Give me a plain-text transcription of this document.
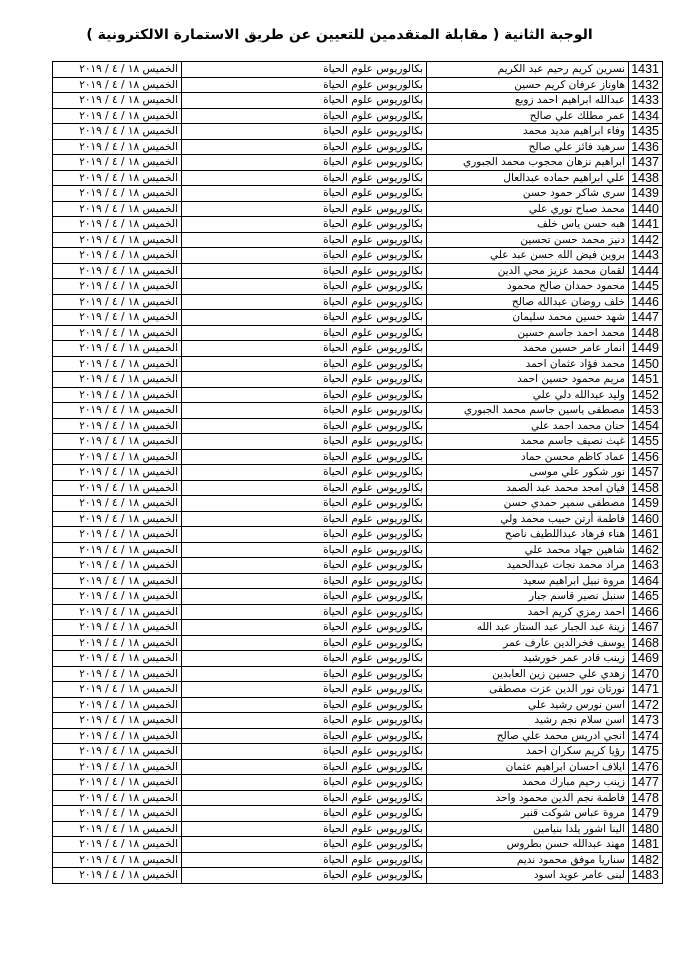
الوجبة الثانية ( مقابلة المتقدمين للتعيين عن طريق الاستمارة الالكترونية )
1431	نسرين كريم رحيم عبد الكريم	بكالوريوس علوم الحياة	الخميس ١٨ / ٤ / ٢٠١٩
1432	هاوناز عرفان كريم حسين	بكالوريوس علوم الحياة	الخميس ١٨ / ٤ / ٢٠١٩
1433	عبدالله ابراهيم احمد زوبع	بكالوريوس علوم الحياة	الخميس ١٨ / ٤ / ٢٠١٩
1434	عمر مطلك علي صالح	بكالوريوس علوم الحياة	الخميس ١٨ / ٤ / ٢٠١٩
1435	وفاء ابراهيم مديد محمد	بكالوريوس علوم الحياة	الخميس ١٨ / ٤ / ٢٠١٩
1436	سرهيد فائز علي صالح	بكالوريوس علوم الحياة	الخميس ١٨ / ٤ / ٢٠١٩
1437	ابراهيم نزهان محجوب محمد الجبوري	بكالوريوس علوم الحياة	الخميس ١٨ / ٤ / ٢٠١٩
1438	علي ابراهيم حماده عبدالعال	بكالوريوس علوم الحياة	الخميس ١٨ / ٤ / ٢٠١٩
1439	سرى شاكر حمود حسن	بكالوريوس علوم الحياة	الخميس ١٨ / ٤ / ٢٠١٩
1440	محمد صباح نوري علي	بكالوريوس علوم الحياة	الخميس ١٨ / ٤ / ٢٠١٩
1441	هبه حسن ياس خلف	بكالوريوس علوم الحياة	الخميس ١٨ / ٤ / ٢٠١٩
1442	دنيز محمد حسن تحسين	بكالوريوس علوم الحياة	الخميس ١٨ / ٤ / ٢٠١٩
1443	بروين فيض الله حسن عبد علي	بكالوريوس علوم الحياة	الخميس ١٨ / ٤ / ٢٠١٩
1444	لقمان محمد عزيز محي الدين	بكالوريوس علوم الحياة	الخميس ١٨ / ٤ / ٢٠١٩
1445	محمود حمدان صالح محمود	بكالوريوس علوم الحياة	الخميس ١٨ / ٤ / ٢٠١٩
1446	خلف روضان عبدالله صالح	بكالوريوس علوم الحياة	الخميس ١٨ / ٤ / ٢٠١٩
1447	شهد حسين محمد سليمان	بكالوريوس علوم الحياة	الخميس ١٨ / ٤ / ٢٠١٩
1448	محمد احمد جاسم حسين	بكالوريوس علوم الحياة	الخميس ١٨ / ٤ / ٢٠١٩
1449	انمار عامر حسين محمد	بكالوريوس علوم الحياة	الخميس ١٨ / ٤ / ٢٠١٩
1450	محمد فؤاد عثمان احمد	بكالوريوس علوم الحياة	الخميس ١٨ / ٤ / ٢٠١٩
1451	مريم محمود حسين احمد	بكالوريوس علوم الحياة	الخميس ١٨ / ٤ / ٢٠١٩
1452	وليد عبدالله دلي علي	بكالوريوس علوم الحياة	الخميس ١٨ / ٤ / ٢٠١٩
1453	مصطفى ياسين جاسم محمد الجبوري	بكالوريوس علوم الحياة	الخميس ١٨ / ٤ / ٢٠١٩
1454	حنان محمد احمد علي	بكالوريوس علوم الحياة	الخميس ١٨ / ٤ / ٢٠١٩
1455	غيث نصيف جاسم محمد	بكالوريوس علوم الحياة	الخميس ١٨ / ٤ / ٢٠١٩
1456	عماد كاظم محسن حماد	بكالوريوس علوم الحياة	الخميس ١٨ / ٤ / ٢٠١٩
1457	نور شكور علي موسى	بكالوريوس علوم الحياة	الخميس ١٨ / ٤ / ٢٠١٩
1458	فيان امجد محمد عبد الصمد	بكالوريوس علوم الحياة	الخميس ١٨ / ٤ / ٢٠١٩
1459	مصطفى سمير حمدي حسن	بكالوريوس علوم الحياة	الخميس ١٨ / ٤ / ٢٠١٩
1460	فاطمة أرتن حبيب محمد ولي	بكالوريوس علوم الحياة	الخميس ١٨ / ٤ / ٢٠١٩
1461	هناء فرهاد عبداللطيف ناصح	بكالوريوس علوم الحياة	الخميس ١٨ / ٤ / ٢٠١٩
1462	شاهين جهاد محمد علي	بكالوريوس علوم الحياة	الخميس ١٨ / ٤ / ٢٠١٩
1463	مراد محمد نجات عبدالحميد	بكالوريوس علوم الحياة	الخميس ١٨ / ٤ / ٢٠١٩
1464	مروة نبيل ابراهيم سعيد	بكالوريوس علوم الحياة	الخميس ١٨ / ٤ / ٢٠١٩
1465	سنبل نصير قاسم جبار	بكالوريوس علوم الحياة	الخميس ١٨ / ٤ / ٢٠١٩
1466	احمد رمزي كريم احمد	بكالوريوس علوم الحياة	الخميس ١٨ / ٤ / ٢٠١٩
1467	زينة عبد الجبار عبد الستار عبد الله	بكالوريوس علوم الحياة	الخميس ١٨ / ٤ / ٢٠١٩
1468	يوسف فخرالدين عارف عمر	بكالوريوس علوم الحياة	الخميس ١٨ / ٤ / ٢٠١٩
1469	زينب قادر عمر خورشيد	بكالوريوس علوم الحياة	الخميس ١٨ / ٤ / ٢٠١٩
1470	زهدي علي حسين زين العابدين	بكالوريوس علوم الحياة	الخميس ١٨ / ٤ / ٢٠١٩
1471	نورتان نور الدين عزت مصطفى	بكالوريوس علوم الحياة	الخميس ١٨ / ٤ / ٢٠١٩
1472	اسن نورس رشيد علي	بكالوريوس علوم الحياة	الخميس ١٨ / ٤ / ٢٠١٩
1473	اسن سلام نجم رشيد	بكالوريوس علوم الحياة	الخميس ١٨ / ٤ / ٢٠١٩
1474	انجي ادريس محمد علي صالح	بكالوريوس علوم الحياة	الخميس ١٨ / ٤ / ٢٠١٩
1475	رؤيا كريم سكران احمد	بكالوريوس علوم الحياة	الخميس ١٨ / ٤ / ٢٠١٩
1476	ايلاف احسان ابراهيم عثمان	بكالوريوس علوم الحياة	الخميس ١٨ / ٤ / ٢٠١٩
1477	زينب رحيم مبارك محمد	بكالوريوس علوم الحياة	الخميس ١٨ / ٤ / ٢٠١٩
1478	فاطمة نجم الدين محمود واحد	بكالوريوس علوم الحياة	الخميس ١٨ / ٤ / ٢٠١٩
1479	مروة عباس شوكت قنبر	بكالوريوس علوم الحياة	الخميس ١٨ / ٤ / ٢٠١٩
1480	الينا اشور يلدا بنيامين	بكالوريوس علوم الحياة	الخميس ١٨ / ٤ / ٢٠١٩
1481	مهند عبدالله حسن بطروس	بكالوريوس علوم الحياة	الخميس ١٨ / ٤ / ٢٠١٩
1482	سناريا موفق محمود نديم	بكالوريوس علوم الحياة	الخميس ١٨ / ٤ / ٢٠١٩
1483	لبنى عامر عويد اسود	بكالوريوس علوم الحياة	الخميس ١٨ / ٤ / ٢٠١٩
